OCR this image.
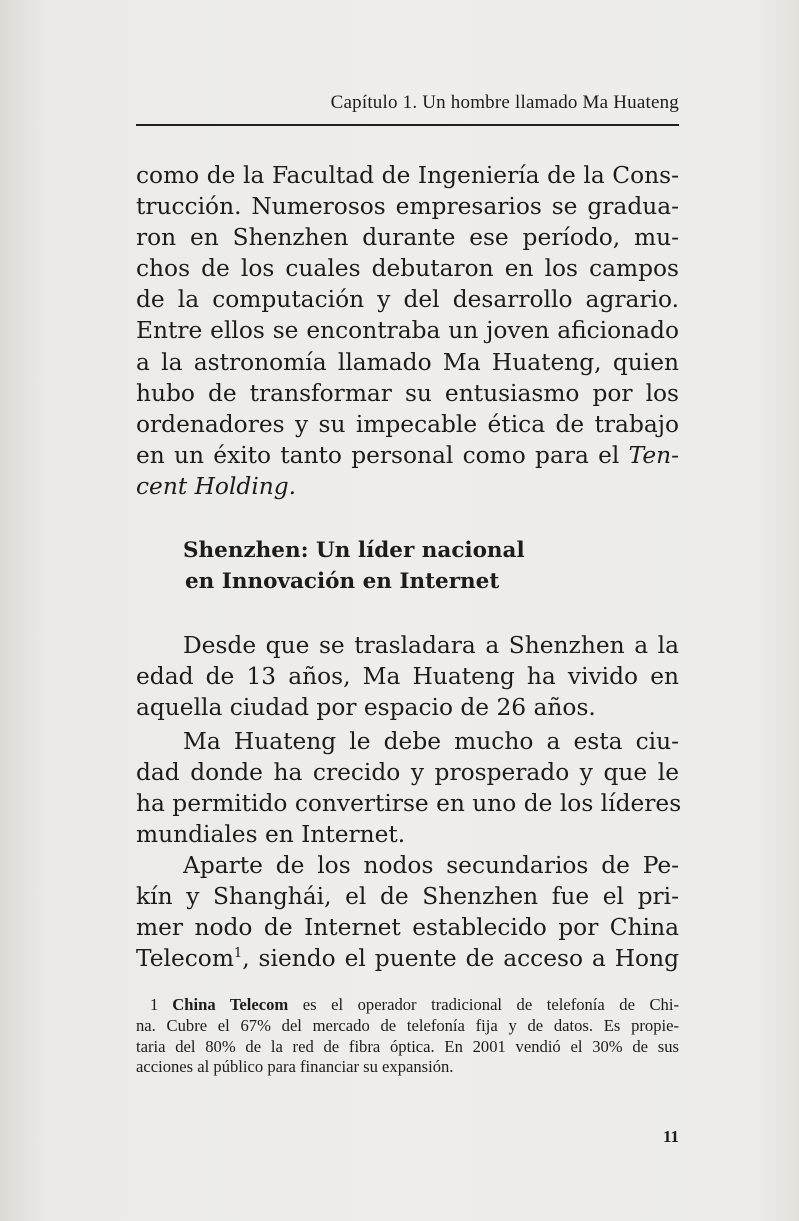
Capítulo 1. Un hombre llamado Ma Huateng
como de la Facultad de Ingeniería de la Cons-
trucción. Numerosos empresarios se gradua-
ron en Shenzhen durante ese período, mu-
chos de los cuales debutaron en los campos
de la computación y del desarrollo agrario.
Entre ellos se encontraba un joven aficionado
a la astronomía llamado Ma Huateng, quien
hubo de transformar su entusiasmo por los
ordenadores y su impecable ética de trabajo
en un éxito tanto personal como para el Ten-
cent Holding.
Shenzhen: Un líder nacional
en Innovación en Internet
Desde que se trasladara a Shenzhen a la
edad de 13 años, Ma Huateng ha vivido en
aquella ciudad por espacio de 26 años.
Ma Huateng le debe mucho a esta ciu-
dad donde ha crecido y prosperado y que le
ha permitido convertirse en uno de los líderes
mundiales en Internet.
Aparte de los nodos secundarios de Pe-
kín y Shanghái, el de Shenzhen fue el pri-
mer nodo de Internet establecido por China
Telecom$^1$, siendo el puente de acceso a Hong
1 China Telecom es el operador tradicional de telefonía de Chi-
na. Cubre el 67% del mercado de telefonía fija y de datos. Es propie-
taria del 80% de la red de fibra óptica. En 2001 vendió el 30% de sus
acciones al público para financiar su expansión.
11
